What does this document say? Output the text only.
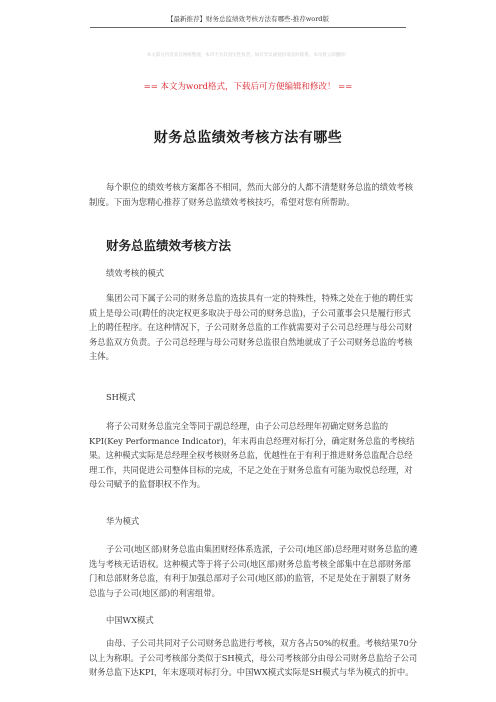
【最新推荐】财务总监绩效考核方法有哪些-推荐word版
本文部分内容来自网络整理，本司不为其真实性负责，如有异议或侵权请及时联系，本司将立即删除！
== 本文为word格式，下载后可方便编辑和修改！ ==
财务总监绩效考核方法有哪些
每个职位的绩效考核方案都各不相同，然而大部分的人都不清楚财务总监的绩效考核制度。下面为您精心推荐了财务总监绩效考核技巧，希望对您有所帮助。
财务总监绩效考核方法
绩效考核的模式
集团公司下属子公司的财务总监的选拔具有一定的特殊性，特殊之处在于他的聘任实质上是母公司(聘任的决定权更多取决于母公司的财务总监)，子公司董事会只是履行形式上的聘任程序。在这种情况下，子公司财务总监的工作就需要对子公司总经理与母公司财务总监双方负责。子公司总经理与母公司财务总监很自然地就成了子公司财务总监的考核主体。
SH模式
将子公司财务总监完全等同于副总经理，由子公司总经理年初确定财务总监的KPI(Key Performance Indicator)，年末再由总经理对标打分，确定财务总监的考核结果。这种模式实际是总经理全权考核财务总监，优越性在于有利于推进财务总监配合总经理工作，共同促进公司整体目标的完成，不足之处在于财务总监有可能为取悦总经理，对母公司赋予的监督职权不作为。
华为模式
子公司(地区部)财务总监由集团财经体系选派，子公司(地区部)总经理对财务总监的遴选与考核无话语权。这种模式等于将子公司(地区部)财务总监考核全部集中在总部财务部门和总部财务总监，有利于加强总部对子公司(地区部)的监管，不足是处在于割裂了财务总监与子公司(地区部)的利害组带。
中国WX模式
由母、子公司共同对子公司财务总监进行考核，双方各占50%的权重。考核结果70分以上为称职。子公司考核部分类似于SH模式，母公司考核部分由母公司财务总监给子公司财务总监下达KPI，年末逐项对标打分。中国WX模式实际是SH模式与华为模式的折中。
